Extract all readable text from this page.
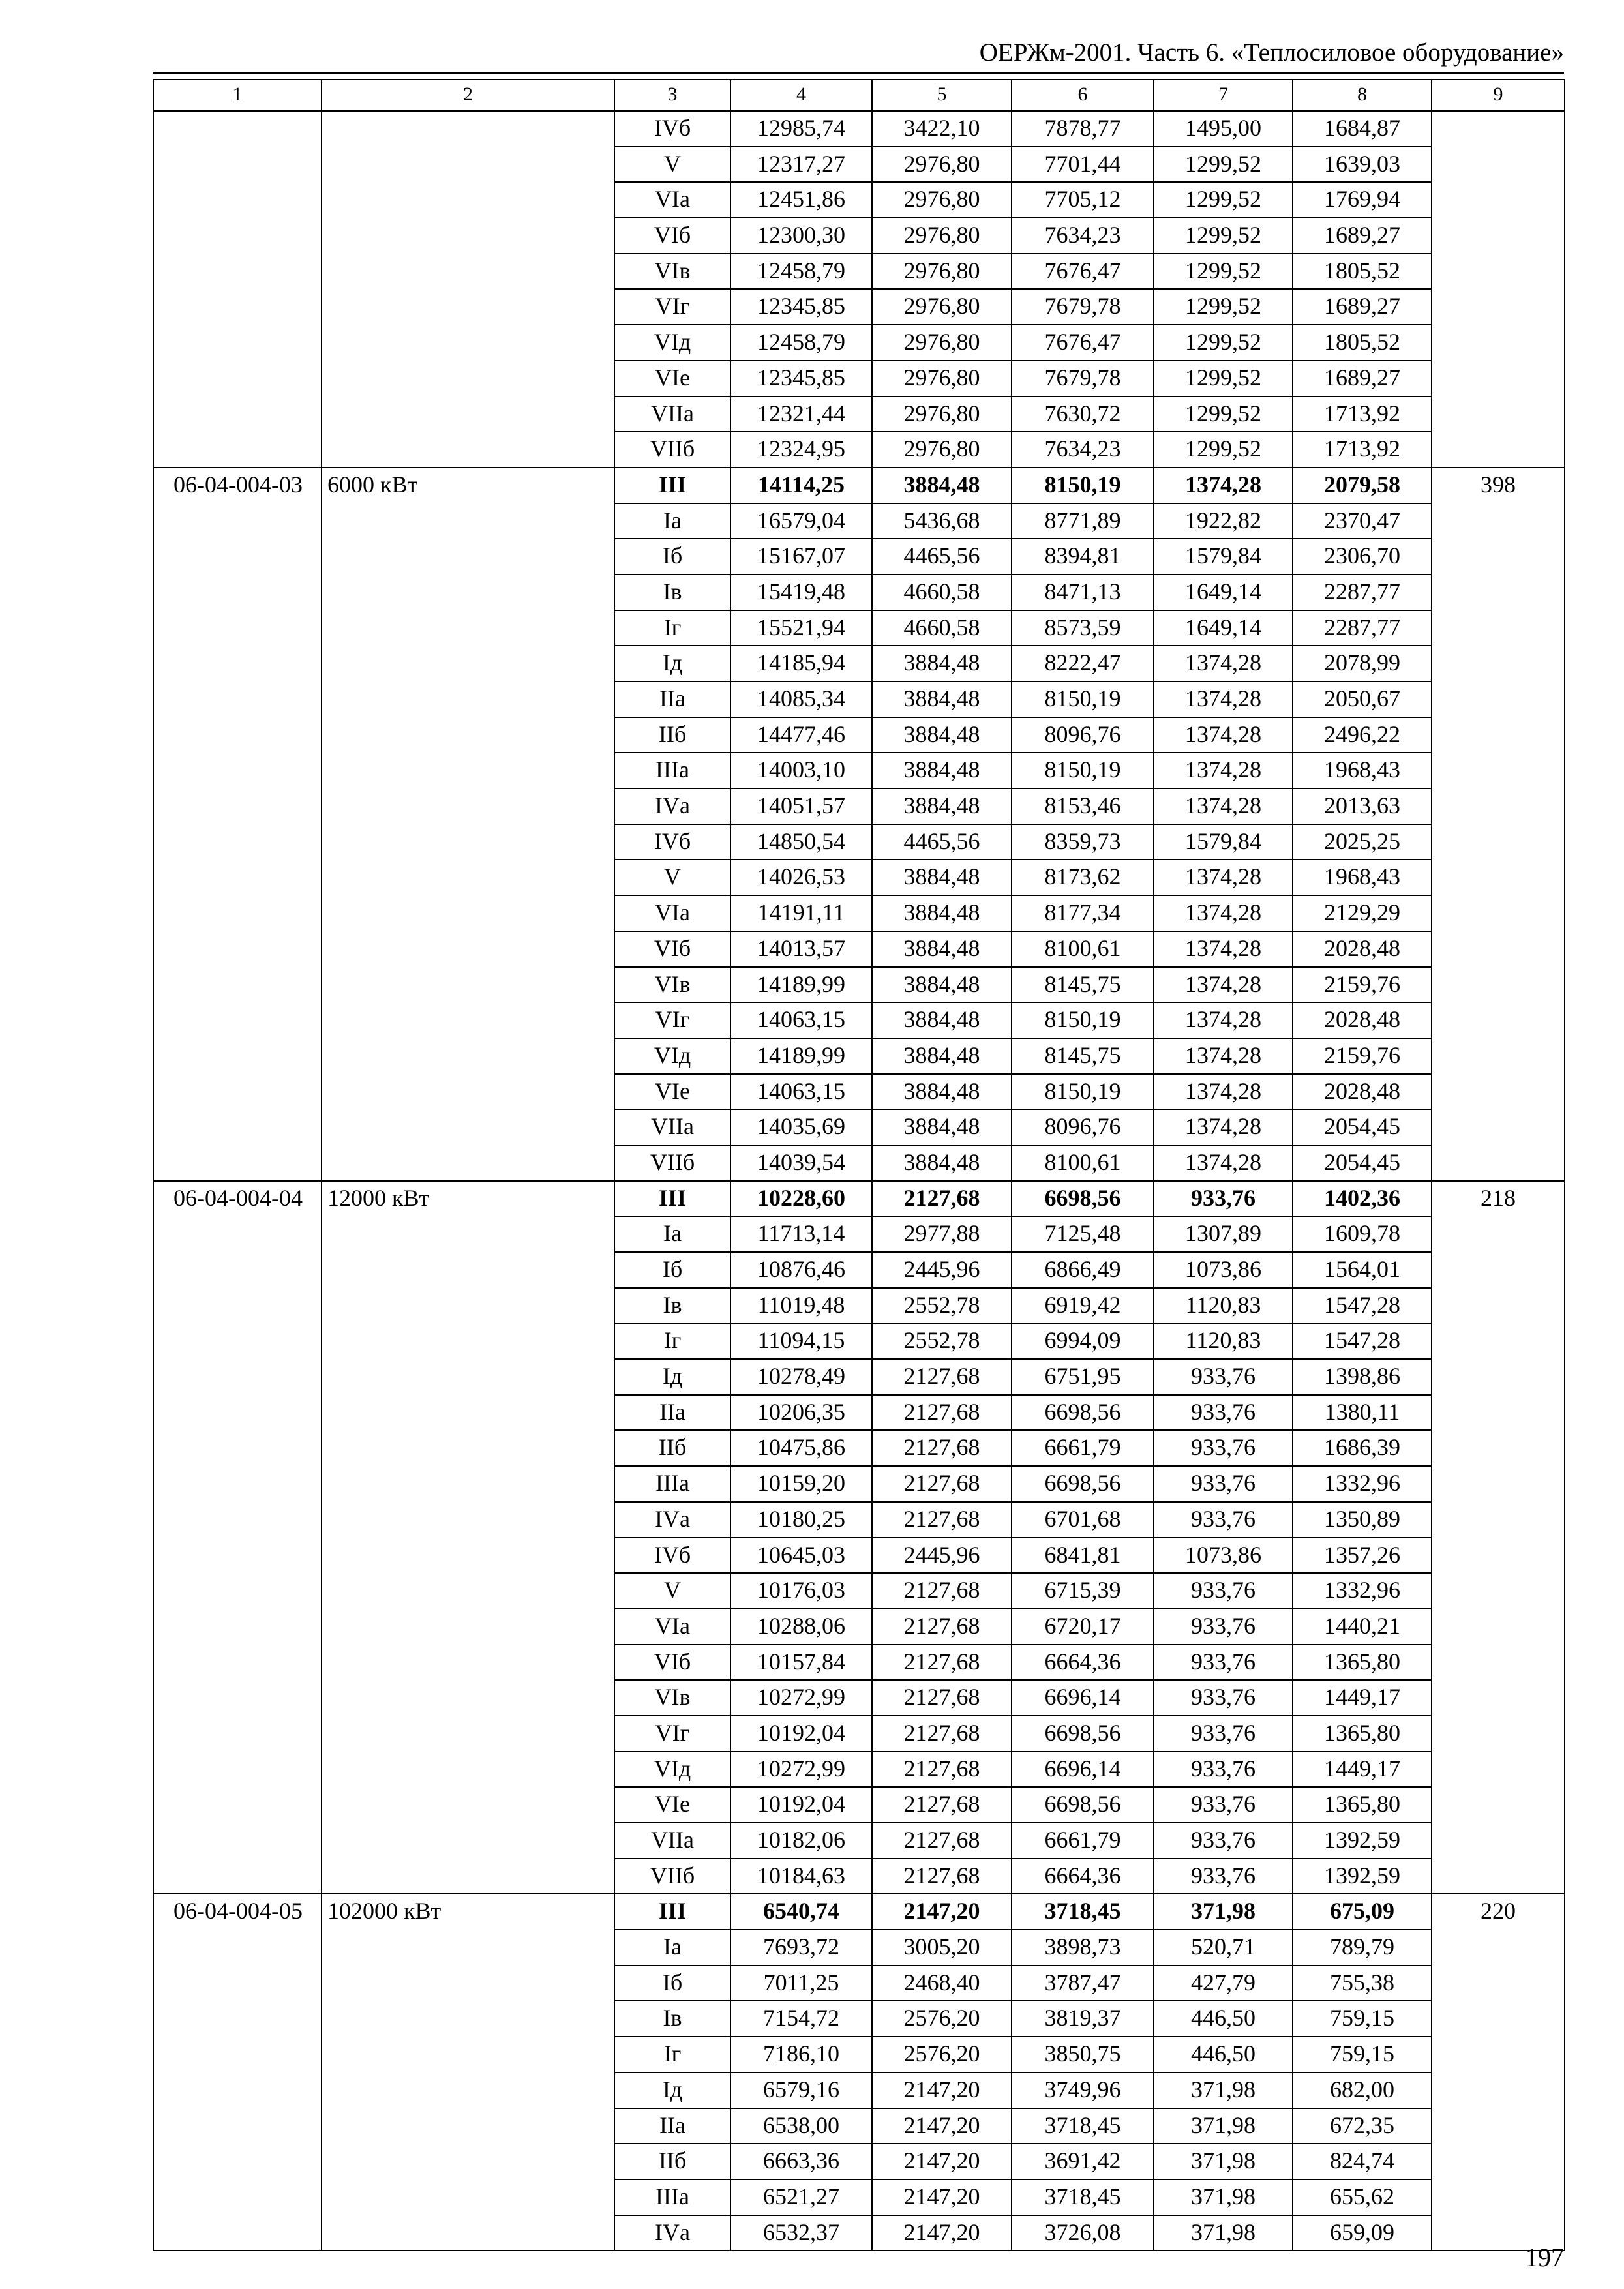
ОЕРЖм-2001. Часть 6. «Теплосиловое оборудование»
1	2	3	4	5	6	7	8	9
		IVб	12985,74	3422,10	7878,77	1495,00	1684,87	
		V	12317,27	2976,80	7701,44	1299,52	1639,03	
		VIа	12451,86	2976,80	7705,12	1299,52	1769,94	
		VIб	12300,30	2976,80	7634,23	1299,52	1689,27	
		VIв	12458,79	2976,80	7676,47	1299,52	1805,52	
		VIг	12345,85	2976,80	7679,78	1299,52	1689,27	
		VIд	12458,79	2976,80	7676,47	1299,52	1805,52	
		VIе	12345,85	2976,80	7679,78	1299,52	1689,27	
		VIIа	12321,44	2976,80	7630,72	1299,52	1713,92	
		VIIб	12324,95	2976,80	7634,23	1299,52	1713,92	
06-04-004-03	6000 кВт	III	14114,25	3884,48	8150,19	1374,28	2079,58	398
		Iа	16579,04	5436,68	8771,89	1922,82	2370,47	
		Iб	15167,07	4465,56	8394,81	1579,84	2306,70	
		Iв	15419,48	4660,58	8471,13	1649,14	2287,77	
		Iг	15521,94	4660,58	8573,59	1649,14	2287,77	
		Iд	14185,94	3884,48	8222,47	1374,28	2078,99	
		IIа	14085,34	3884,48	8150,19	1374,28	2050,67	
		IIб	14477,46	3884,48	8096,76	1374,28	2496,22	
		IIIа	14003,10	3884,48	8150,19	1374,28	1968,43	
		IVа	14051,57	3884,48	8153,46	1374,28	2013,63	
		IVб	14850,54	4465,56	8359,73	1579,84	2025,25	
		V	14026,53	3884,48	8173,62	1374,28	1968,43	
		VIа	14191,11	3884,48	8177,34	1374,28	2129,29	
		VIб	14013,57	3884,48	8100,61	1374,28	2028,48	
		VIв	14189,99	3884,48	8145,75	1374,28	2159,76	
		VIг	14063,15	3884,48	8150,19	1374,28	2028,48	
		VIд	14189,99	3884,48	8145,75	1374,28	2159,76	
		VIе	14063,15	3884,48	8150,19	1374,28	2028,48	
		VIIа	14035,69	3884,48	8096,76	1374,28	2054,45	
		VIIб	14039,54	3884,48	8100,61	1374,28	2054,45	
06-04-004-04	12000 кВт	III	10228,60	2127,68	6698,56	933,76	1402,36	218
		Iа	11713,14	2977,88	7125,48	1307,89	1609,78	
		Iб	10876,46	2445,96	6866,49	1073,86	1564,01	
		Iв	11019,48	2552,78	6919,42	1120,83	1547,28	
		Iг	11094,15	2552,78	6994,09	1120,83	1547,28	
		Iд	10278,49	2127,68	6751,95	933,76	1398,86	
		IIа	10206,35	2127,68	6698,56	933,76	1380,11	
		IIб	10475,86	2127,68	6661,79	933,76	1686,39	
		IIIа	10159,20	2127,68	6698,56	933,76	1332,96	
		IVа	10180,25	2127,68	6701,68	933,76	1350,89	
		IVб	10645,03	2445,96	6841,81	1073,86	1357,26	
		V	10176,03	2127,68	6715,39	933,76	1332,96	
		VIа	10288,06	2127,68	6720,17	933,76	1440,21	
		VIб	10157,84	2127,68	6664,36	933,76	1365,80	
		VIв	10272,99	2127,68	6696,14	933,76	1449,17	
		VIг	10192,04	2127,68	6698,56	933,76	1365,80	
		VIд	10272,99	2127,68	6696,14	933,76	1449,17	
		VIе	10192,04	2127,68	6698,56	933,76	1365,80	
		VIIа	10182,06	2127,68	6661,79	933,76	1392,59	
		VIIб	10184,63	2127,68	6664,36	933,76	1392,59	
06-04-004-05	102000 кВт	III	6540,74	2147,20	3718,45	371,98	675,09	220
		Iа	7693,72	3005,20	3898,73	520,71	789,79	
		Iб	7011,25	2468,40	3787,47	427,79	755,38	
		Iв	7154,72	2576,20	3819,37	446,50	759,15	
		Iг	7186,10	2576,20	3850,75	446,50	759,15	
		Iд	6579,16	2147,20	3749,96	371,98	682,00	
		IIа	6538,00	2147,20	3718,45	371,98	672,35	
		IIб	6663,36	2147,20	3691,42	371,98	824,74	
		IIIа	6521,27	2147,20	3718,45	371,98	655,62	
		IVа	6532,37	2147,20	3726,08	371,98	659,09	
197
